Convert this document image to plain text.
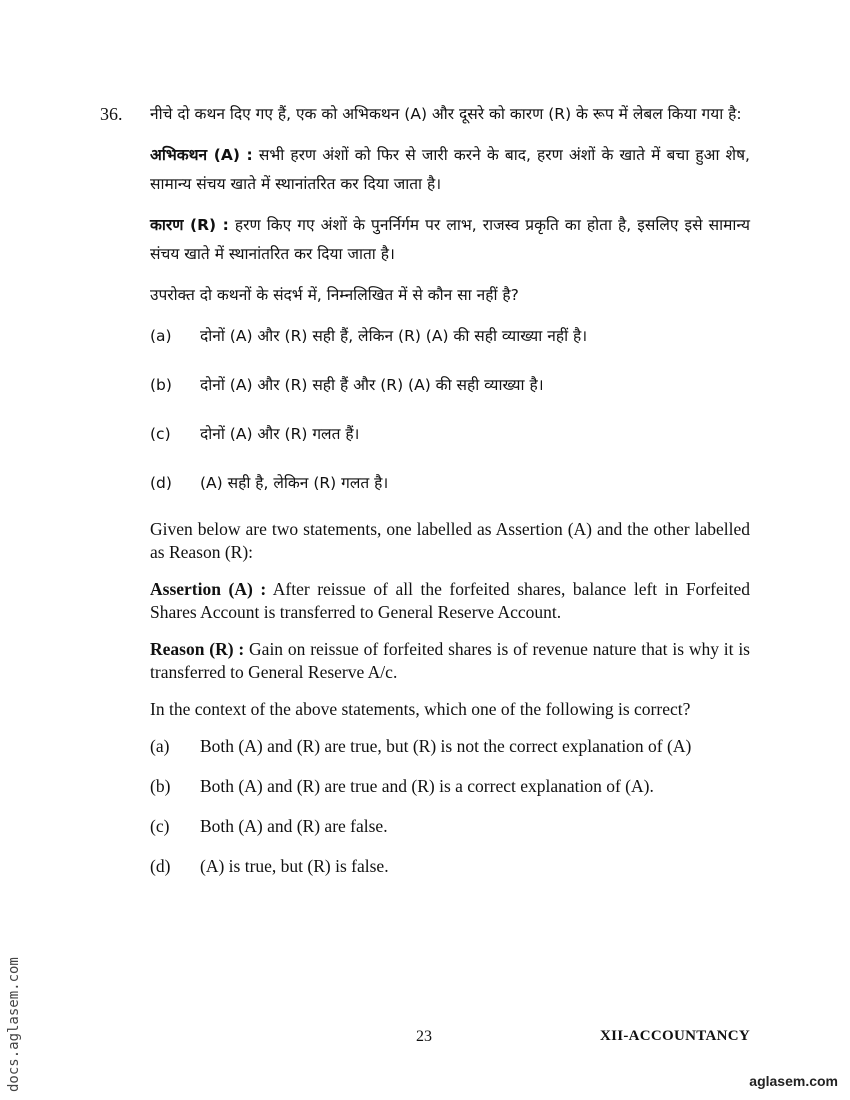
36. नीचे दो कथन दिए गए हैं, एक को अभिकथन (A) और दूसरे को कारण (R) के रूप में लेबल किया गया है:

अभिकथन (A) : सभी हरण अंशों को फिर से जारी करने के बाद, हरण अंशों के खाते में बचा हुआ शेष, सामान्य संचय खाते में स्थानांतरित कर दिया जाता है।

कारण (R) : हरण किए गए अंशों के पुनर्निर्गम पर लाभ, राजस्व प्रकृति का होता है, इसलिए इसे सामान्य संचय खाते में स्थानांतरित कर दिया जाता है।

उपरोक्त दो कथनों के संदर्भ में, निम्नलिखित में से कौन सा नहीं है?

(a)	दोनों (A) और (R) सही हैं, लेकिन (R) (A) की सही व्याख्या नहीं है।
(b)	दोनों (A) और (R) सही हैं और (R) (A) की सही व्याख्या है।
(c)	दोनों (A) और (R) गलत हैं।
(d)	(A) सही है, लेकिन (R) गलत है।

Given below are two statements, one labelled as Assertion (A) and the other labelled as Reason (R):

Assertion (A) : After reissue of all the forfeited shares, balance left in Forfeited Shares Account is transferred to General Reserve Account.

Reason (R) : Gain on reissue of forfeited shares is of revenue nature that is why it is transferred to General Reserve A/c.

In the context of the above statements, which one of the following is correct?

(a)	Both (A) and (R) are true, but (R) is not the correct explanation of (A)
(b)	Both (A) and (R) are true and (R) is a correct explanation of (A).
(c)	Both (A) and (R) are false.
(d)	(A) is true, but (R) is false.
23	XII-ACCOUNTANCY
docs.aglasem.com	aglasem.com
